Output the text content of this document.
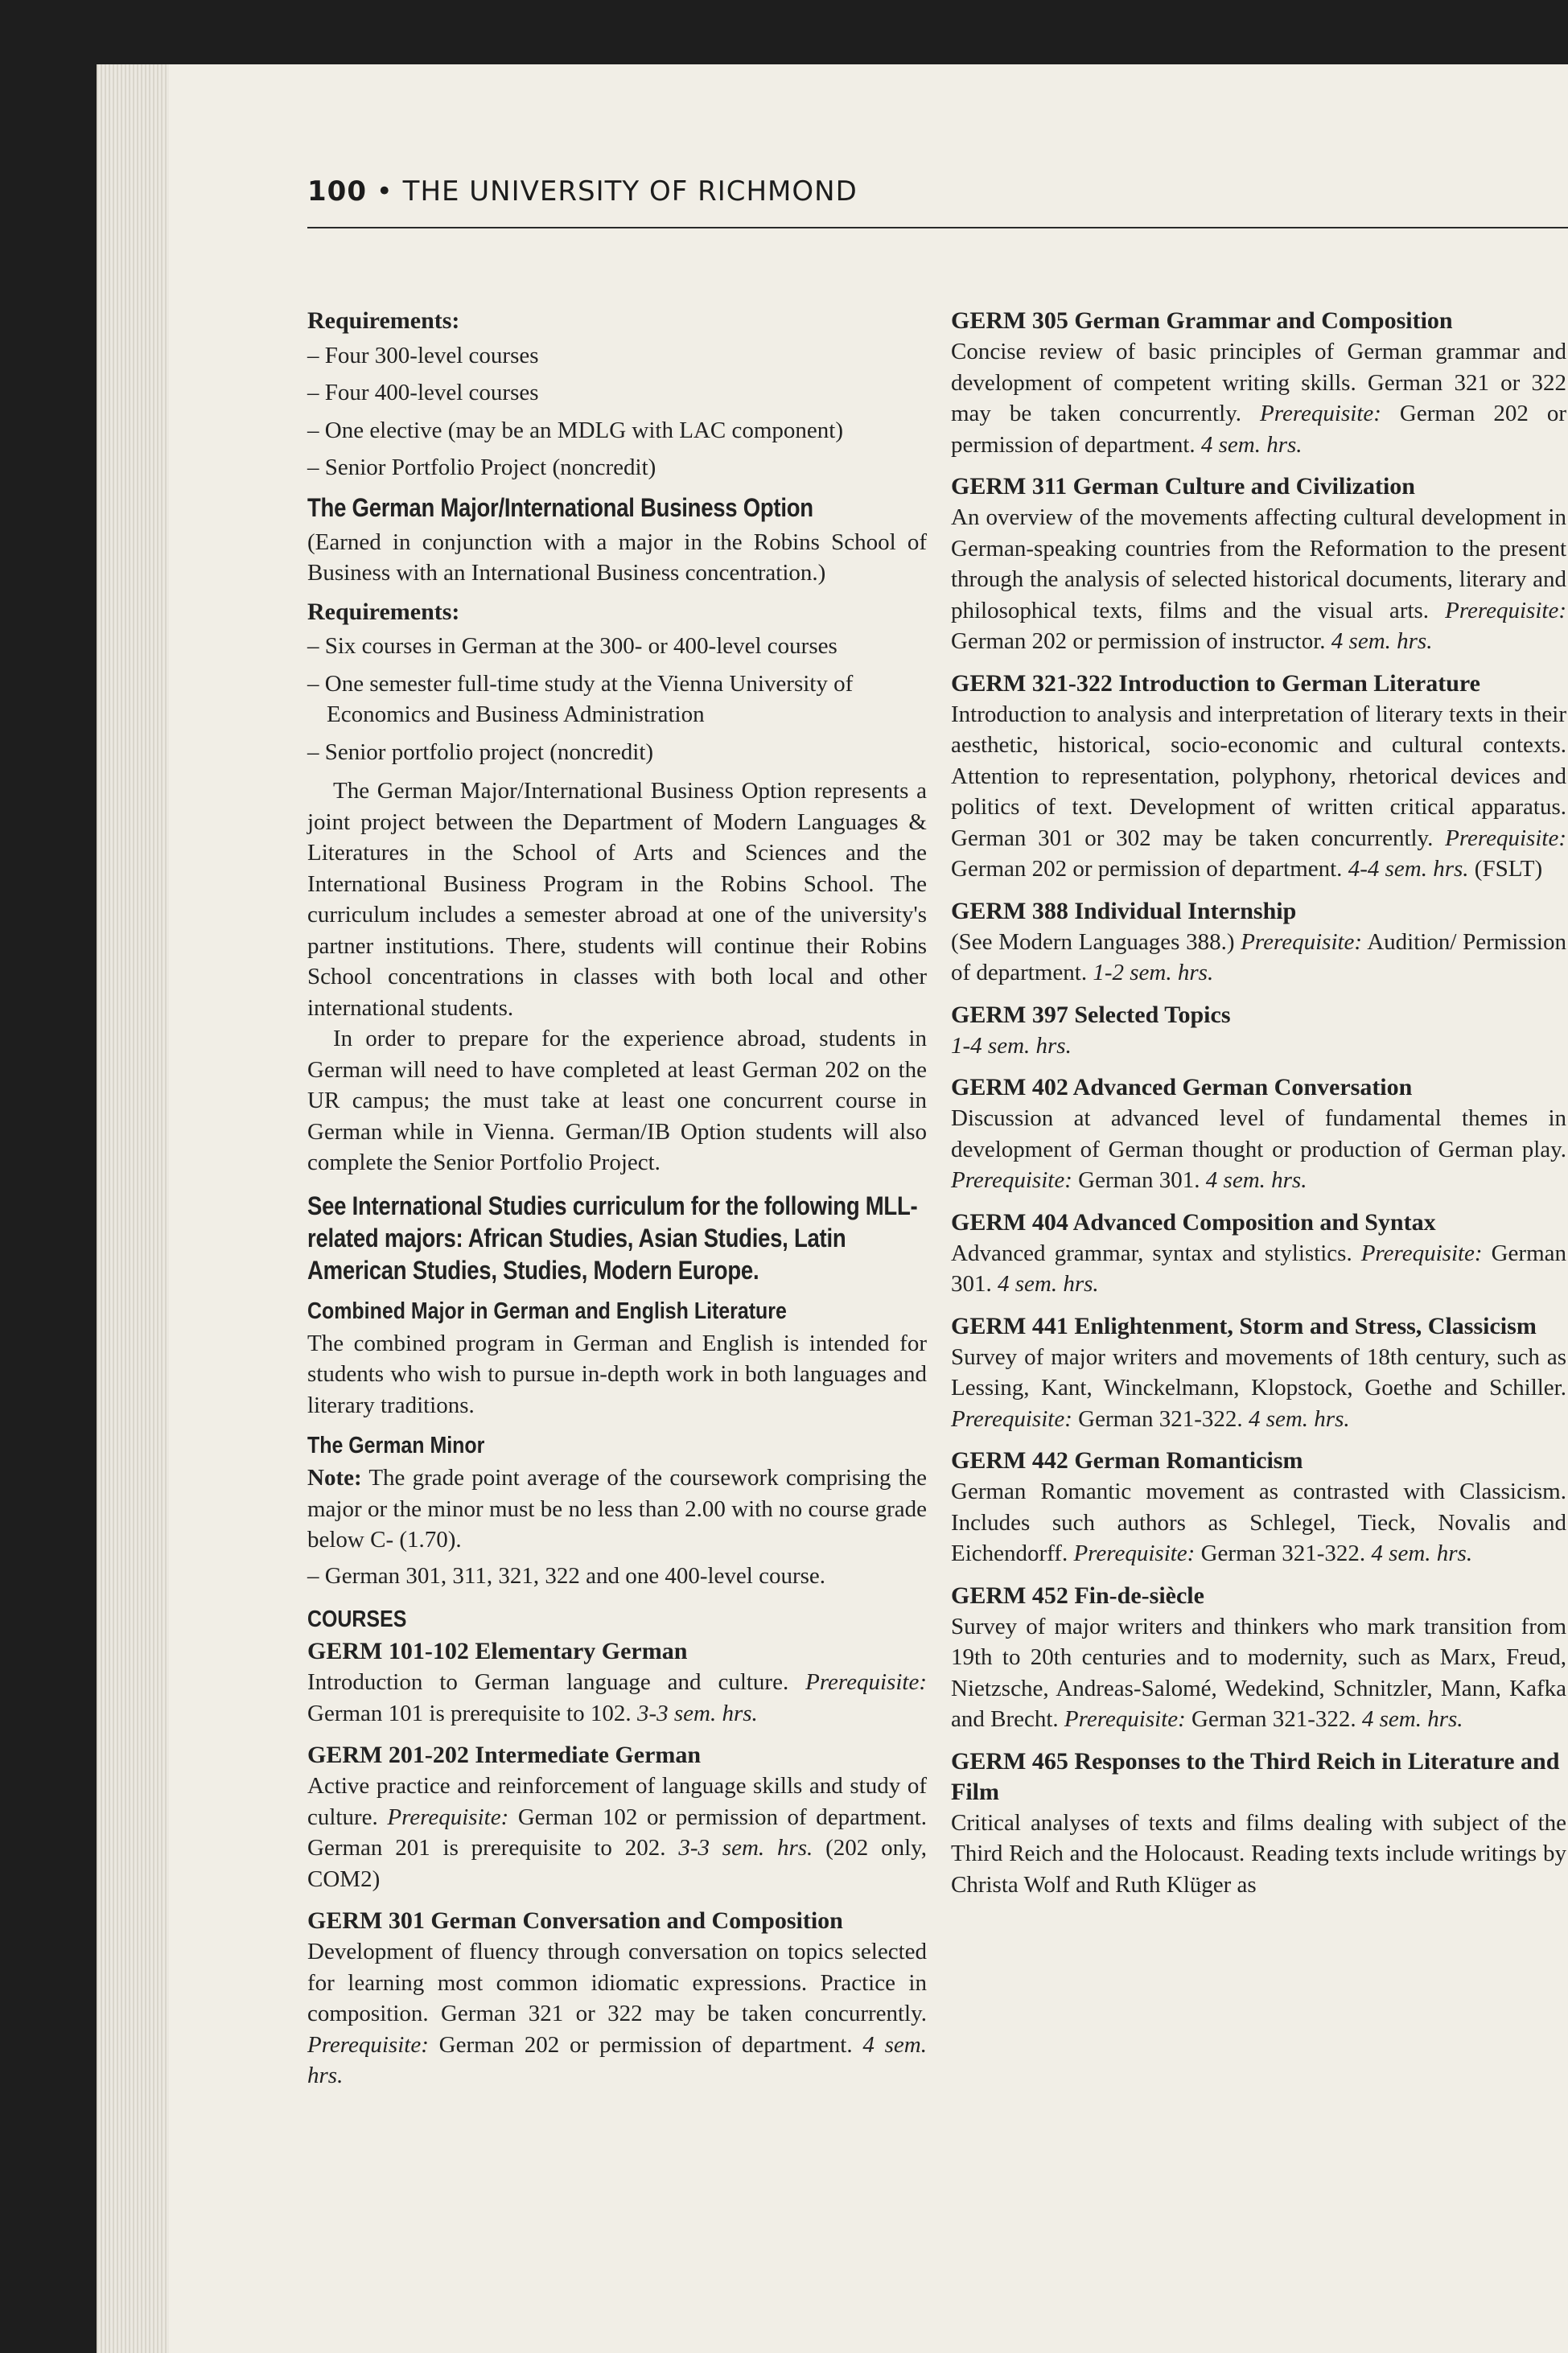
100 • THE UNIVERSITY OF RICHMOND
Requirements:
– Four 300-level courses
– Four 400-level courses
– One elective (may be an MDLG with LAC component)
– Senior Portfolio Project (noncredit)
The German Major/International Business Option

(Earned in conjunction with a major in the Robins School of Business with an International Business concentration.)

Requirements:
– Six courses in German at the 300- or 400-level courses
– One semester full-time study at the Vienna University of Economics and Business Administration
– Senior portfolio project (noncredit)

The German Major/International Business Option represents a joint project between the Department of Modern Languages & Literatures in the School of Arts and Sciences and the International Business Program in the Robins School. The curriculum includes a semester abroad at one of the university's partner institutions. There, students will continue their Robins School concentrations in classes with both local and other international students.

In order to prepare for the experience abroad, students in German will need to have completed at least German 202 on the UR campus; the must take at least one concurrent course in German while in Vienna. German/IB Option students will also complete the Senior Portfolio Project.

See International Studies curriculum for the following MLL-related majors: African Studies, Asian Studies, Latin American Studies, Studies, Modern Europe.
Combined Major in German and English Literature

The combined program in German and English is intended for students who wish to pursue in-depth work in both languages and literary traditions.

The German Minor

Note: The grade point average of the coursework comprising the major or the minor must be no less than 2.00 with no course grade below C- (1.70).

– German 301, 311, 321, 322 and one 400-level course.

COURSES
GERM 101-102 Elementary German
Introduction to German language and culture. Prerequisite: German 101 is prerequisite to 102. 3-3 sem. hrs.
GERM 201-202 Intermediate German
Active practice and reinforcement of language skills and study of culture. Prerequisite: German 102 or permission of department. German 201 is prerequisite to 202. 3-3 sem. hrs. (202 only, COM2)
GERM 301 German Conversation and Composition
Development of fluency through conversation on topics selected for learning most common idiomatic expressions. Practice in composition. German 321 or 322 may be taken concurrently. Prerequisite: German 202 or permission of department. 4 sem. hrs.
GERM 305 German Grammar and Composition
Concise review of basic principles of German grammar and development of competent writing skills. German 321 or 322 may be taken concurrently. Prerequisite: German 202 or permission of department. 4 sem. hrs.
GERM 311 German Culture and Civilization
An overview of the movements affecting cultural development in German-speaking countries from the Reformation to the present through the analysis of selected historical documents, literary and philosophical texts, films and the visual arts. Prerequisite: German 202 or permission of instructor. 4 sem. hrs.
GERM 321-322 Introduction to German Literature
Introduction to analysis and interpretation of literary texts in their aesthetic, historical, socio-economic and cultural contexts. Attention to representation, polyphony, rhetorical devices and politics of text. Development of written critical apparatus. German 301 or 302 may be taken concurrently. Prerequisite: German 202 or permission of department. 4-4 sem. hrs. (FSLT)
GERM 388 Individual Internship
(See Modern Languages 388.) Prerequisite: Audition/ Permission of department. 1-2 sem. hrs.
GERM 397 Selected Topics
1-4 sem. hrs.
GERM 402 Advanced German Conversation
Discussion at advanced level of fundamental themes in development of German thought or production of German play. Prerequisite: German 301. 4 sem. hrs.
GERM 404 Advanced Composition and Syntax
Advanced grammar, syntax and stylistics. Prerequisite: German 301. 4 sem. hrs.
GERM 441 Enlightenment, Storm and Stress, Classicism
Survey of major writers and movements of 18th century, such as Lessing, Kant, Winckelmann, Klopstock, Goethe and Schiller. Prerequisite: German 321-322. 4 sem. hrs.
GERM 442 German Romanticism
German Romantic movement as contrasted with Classicism. Includes such authors as Schlegel, Tieck, Novalis and Eichendorff. Prerequisite: German 321-322. 4 sem. hrs.
GERM 452 Fin-de-siècle
Survey of major writers and thinkers who mark transition from 19th to 20th centuries and to modernity, such as Marx, Freud, Nietzsche, Andreas-Salomé, Wedekind, Schnitzler, Mann, Kafka and Brecht. Prerequisite: German 321-322. 4 sem. hrs.
GERM 465 Responses to the Third Reich in Literature and Film
Critical analyses of texts and films dealing with subject of the Third Reich and the Holocaust. Reading texts include writings by Christa Wolf and Ruth Klüger as
